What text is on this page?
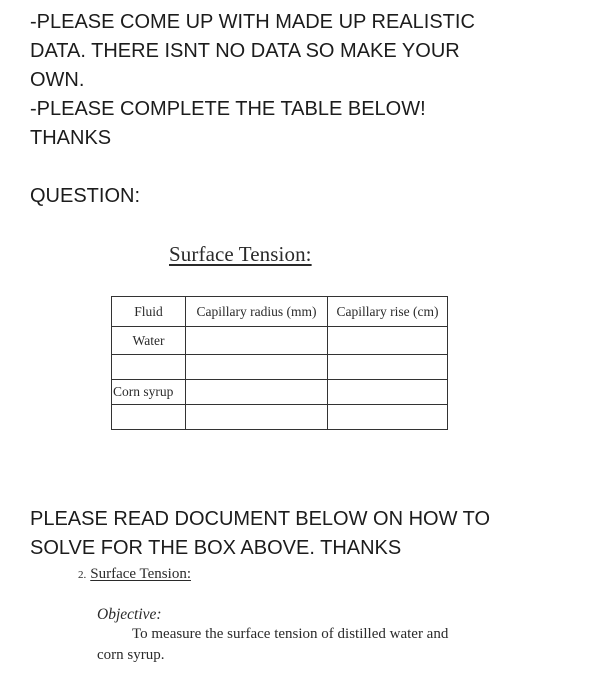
-PLEASE COME UP WITH MADE UP REALISTIC

DATA. THERE ISNT NO DATA SO MAKE YOUR

OWN.

-PLEASE COMPLETE THE TABLE BELOW!

THANKS

QUESTION:
Surface Tension:
Fluid	Capillary radius (mm)	Capillary rise (cm)
Water		

Corn syrup		

PLEASE READ DOCUMENT BELOW ON HOW TO

SOLVE FOR THE BOX ABOVE. THANKS

2. Surface Tension:
Objective:
To measure the surface tension of distilled water and
corn syrup.
